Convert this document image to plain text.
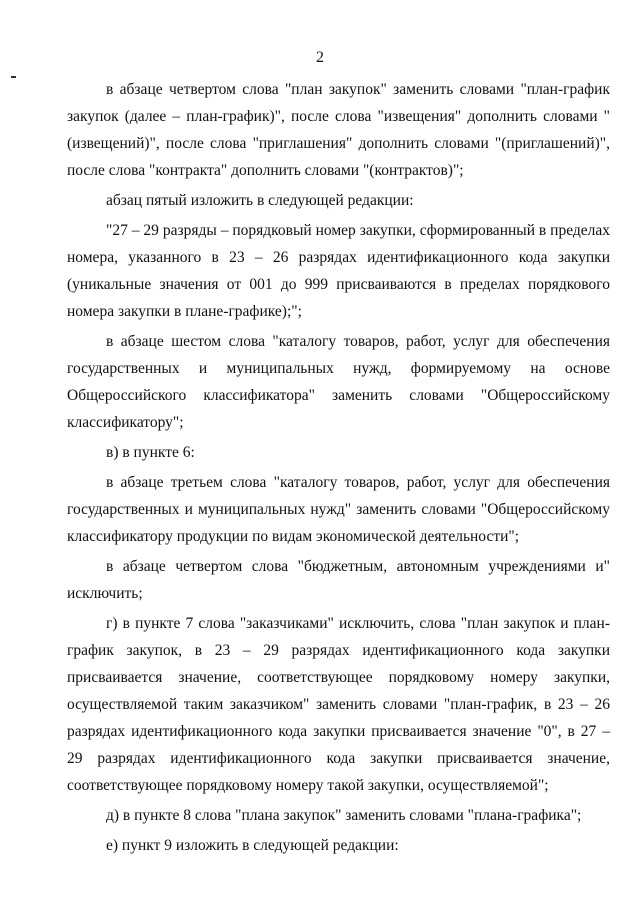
2

в абзаце четвертом слова "план закупок" заменить словами "план-график закупок (далее – план-график)", после слова "извещения" дополнить словами "(извещений)", после слова "приглашения" дополнить словами "(приглашений)", после слова "контракта" дополнить словами "(контрактов)";

абзац пятый изложить в следующей редакции:

"27 – 29 разряды – порядковый номер закупки, сформированный в пределах номера, указанного в 23 – 26 разрядах идентификационного кода закупки (уникальные значения от 001 до 999 присваиваются в пределах порядкового номера закупки в плане-графике);";

в абзаце шестом слова "каталогу товаров, работ, услуг для обеспечения государственных и муниципальных нужд, формируемому на основе Общероссийского классификатора" заменить словами "Общероссийскому классификатору";

в) в пункте 6:

в абзаце третьем слова "каталогу товаров, работ, услуг для обеспечения государственных и муниципальных нужд" заменить словами "Общероссийскому классификатору продукции по видам экономической деятельности";

в абзаце четвертом слова "бюджетным, автономным учреждениями и" исключить;

г) в пункте 7 слова "заказчиками" исключить, слова "план закупок и план-график закупок, в 23 – 29 разрядах идентификационного кода закупки присваивается значение, соответствующее порядковому номеру закупки, осуществляемой таким заказчиком" заменить словами "план-график, в 23 – 26 разрядах идентификационного кода закупки присваивается значение "0", в 27 – 29 разрядах идентификационного кода закупки присваивается значение, соответствующее порядковому номеру такой закупки, осуществляемой";

д) в пункте 8 слова "плана закупок" заменить словами "плана-графика";

е) пункт 9 изложить в следующей редакции:
